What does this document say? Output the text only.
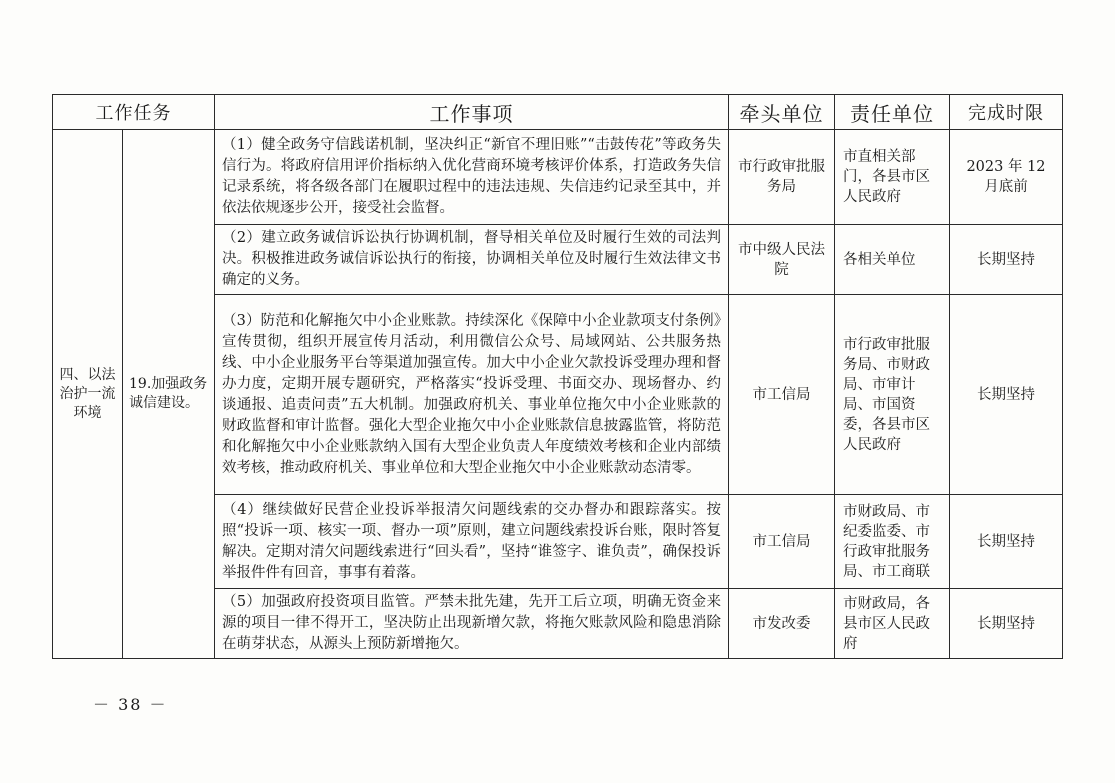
工作任务		工作事项	牵头单位	责任单位	完成时限
四、以法治护一流环境	19.加强政务诚信建设。	（1）健全政务守信践诺机制，坚决纠正“新官不理旧账”“击鼓传花”等政务失信行为。将政府信用评价指标纳入优化营商环境考核评价体系，打造政务失信记录系统，将各级各部门在履职过程中的违法违规、失信违约记录至其中，并依法依规逐步公开，接受社会监督。	市行政审批服务局	市直相关部门，各县市区人民政府	2023 年 12 月底前
		（2）建立政务诚信诉讼执行协调机制，督导相关单位及时履行生效的司法判决。积极推进政务诚信诉讼执行的衔接，协调相关单位及时履行生效法律文书确定的义务。	市中级人民法院	各相关单位	长期坚持
		（3）防范和化解拖欠中小企业账款。持续深化《保障中小企业款项支付条例》宣传贯彻，组织开展宣传月活动，利用微信公众号、局域网站、公共服务热线、中小企业服务平台等渠道加强宣传。加大中小企业欠款投诉受理办理和督办力度，定期开展专题研究，严格落实“投诉受理、书面交办、现场督办、约谈通报、追责问责”五大机制。加强政府机关、事业单位拖欠中小企业账款的财政监督和审计监督。强化大型企业拖欠中小企业账款信息披露监管，将防范和化解拖欠中小企业账款纳入国有大型企业负责人年度绩效考核和企业内部绩效考核，推动政府机关、事业单位和大型企业拖欠中小企业账款动态清零。	市工信局	市行政审批服务局、市财政局、市审计局、市国资委，各县市区人民政府	长期坚持
		（4）继续做好民营企业投诉举报清欠问题线索的交办督办和跟踪落实。按照“投诉一项、核实一项、督办一项”原则，建立问题线索投诉台账，限时答复解决。定期对清欠问题线索进行“回头看”，坚持“谁签字、谁负责”，确保投诉举报件件有回音，事事有着落。	市工信局	市财政局、市纪委监委、市行政审批服务局、市工商联	长期坚持
		（5）加强政府投资项目监管。严禁未批先建，先开工后立项，明确无资金来源的项目一律不得开工，坚决防止出现新增欠款，将拖欠账款风险和隐患消除在萌芽状态，从源头上预防新增拖欠。	市发改委	市财政局，各县市区人民政府	长期坚持
－ 38 －
